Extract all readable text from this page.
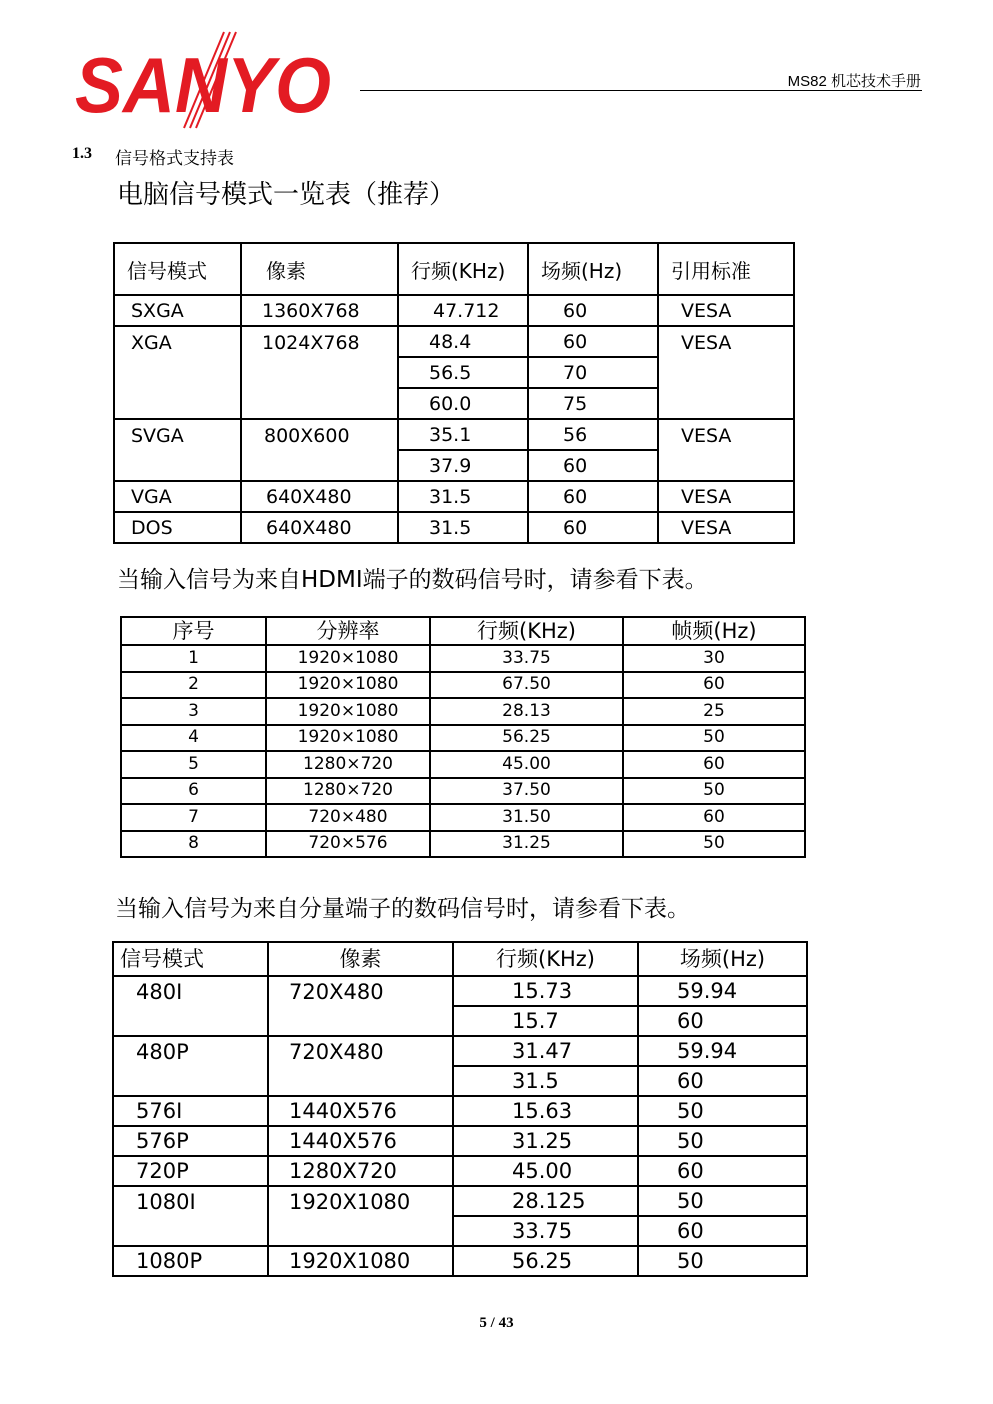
SANYO	MS82 机芯技术手册
1.3 信号格式支持表
电脑信号模式一览表（推荐）
信号模式	像素	行频(KHz)	场频(Hz)	引用标准
SXGA	1360X768	47.712	60	VESA
XGA	1024X768	48.4	60	VESA
		56.5	70	
		60.0	75	
SVGA	800X600	35.1	56	VESA
		37.9	60	
VGA	640X480	31.5	60	VESA
DOS	640X480	31.5	60	VESA
当输入信号为来自HDMI端子的数码信号时，请参看下表。
序号	分辨率	行频(KHz)	帧频(Hz)
1	1920×1080	33.75	30
2	1920×1080	67.50	60
3	1920×1080	28.13	25
4	1920×1080	56.25	50
5	1280×720	45.00	60
6	1280×720	37.50	50
7	720×480	31.50	60
8	720×576	31.25	50
当输入信号为来自分量端子的数码信号时，请参看下表。
信号模式	像素	行频(KHz)	场频(Hz)
480I	720X480	15.73	59.94
		15.7	60
480P	720X480	31.47	59.94
		31.5	60
576I	1440X576	15.63	50
576P	1440X576	31.25	50
720P	1280X720	45.00	60
1080I	1920X1080	28.125	50
		33.75	60
1080P	1920X1080	56.25	50
5 / 43
